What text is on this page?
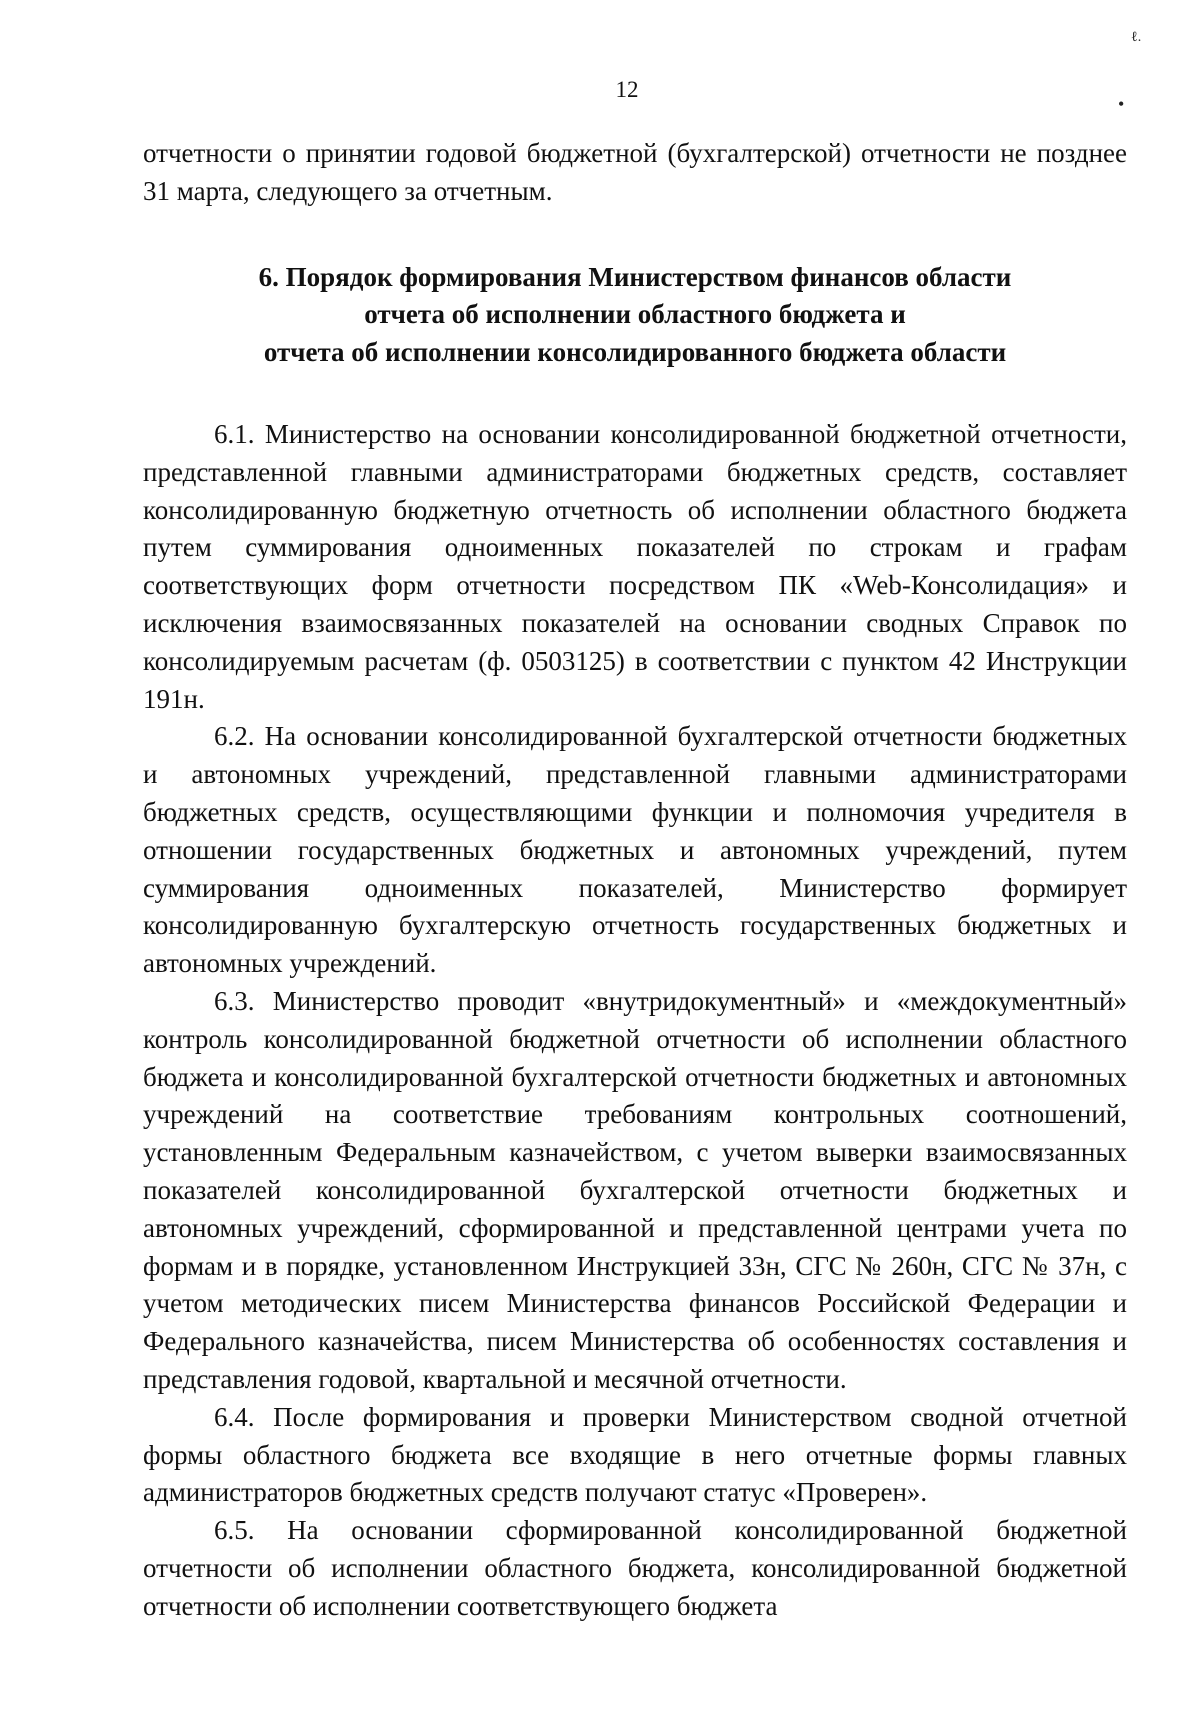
ℓ.
•
12

отчетности о принятии годовой бюджетной (бухгалтерской) отчетности не позднее 31 марта, следующего за отчетным.

6. Порядок формирования Министерством финансов области
отчета об исполнении областного бюджета и
отчета об исполнении консолидированного бюджета области

6.1. Министерство на основании консолидированной бюджетной отчетности, представленной главными администраторами бюджетных средств, составляет консолидированную бюджетную отчетность об исполнении областного бюджета путем суммирования одноименных показателей по строкам и графам соответствующих форм отчетности посредством ПК «Web-Консолидация» и исключения взаимосвязанных показателей на основании сводных Справок по консолидируемым расчетам (ф. 0503125) в соответствии с пунктом 42 Инструкции 191н.

6.2. На основании консолидированной бухгалтерской отчетности бюджетных и автономных учреждений, представленной главными администраторами бюджетных средств, осуществляющими функции и полномочия учредителя в отношении государственных бюджетных и автономных учреждений, путем суммирования одноименных показателей, Министерство формирует консолидированную бухгалтерскую отчетность государственных бюджетных и автономных учреждений.

6.3. Министерство проводит «внутридокументный» и «междокументный» контроль консолидированной бюджетной отчетности об исполнении областного бюджета и консолидированной бухгалтерской отчетности бюджетных и автономных учреждений на соответствие требованиям контрольных соотношений, установленным Федеральным казначейством, с учетом выверки взаимосвязанных показателей консолидированной бухгалтерской отчетности бюджетных и автономных учреждений, сформированной и представленной центрами учета по формам и в порядке, установленном Инструкцией 33н, СГС № 260н, СГС № 37н, с учетом методических писем Министерства финансов Российской Федерации и Федерального казначейства, писем Министерства об особенностях составления и представления годовой, квартальной и месячной отчетности.

6.4. После формирования и проверки Министерством сводной отчетной формы областного бюджета все входящие в него отчетные формы главных администраторов бюджетных средств получают статус «Проверен».

6.5. На основании сформированной консолидированной бюджетной отчетности об исполнении областного бюджета, консолидированной бюджетной отчетности об исполнении соответствующего бюджета
